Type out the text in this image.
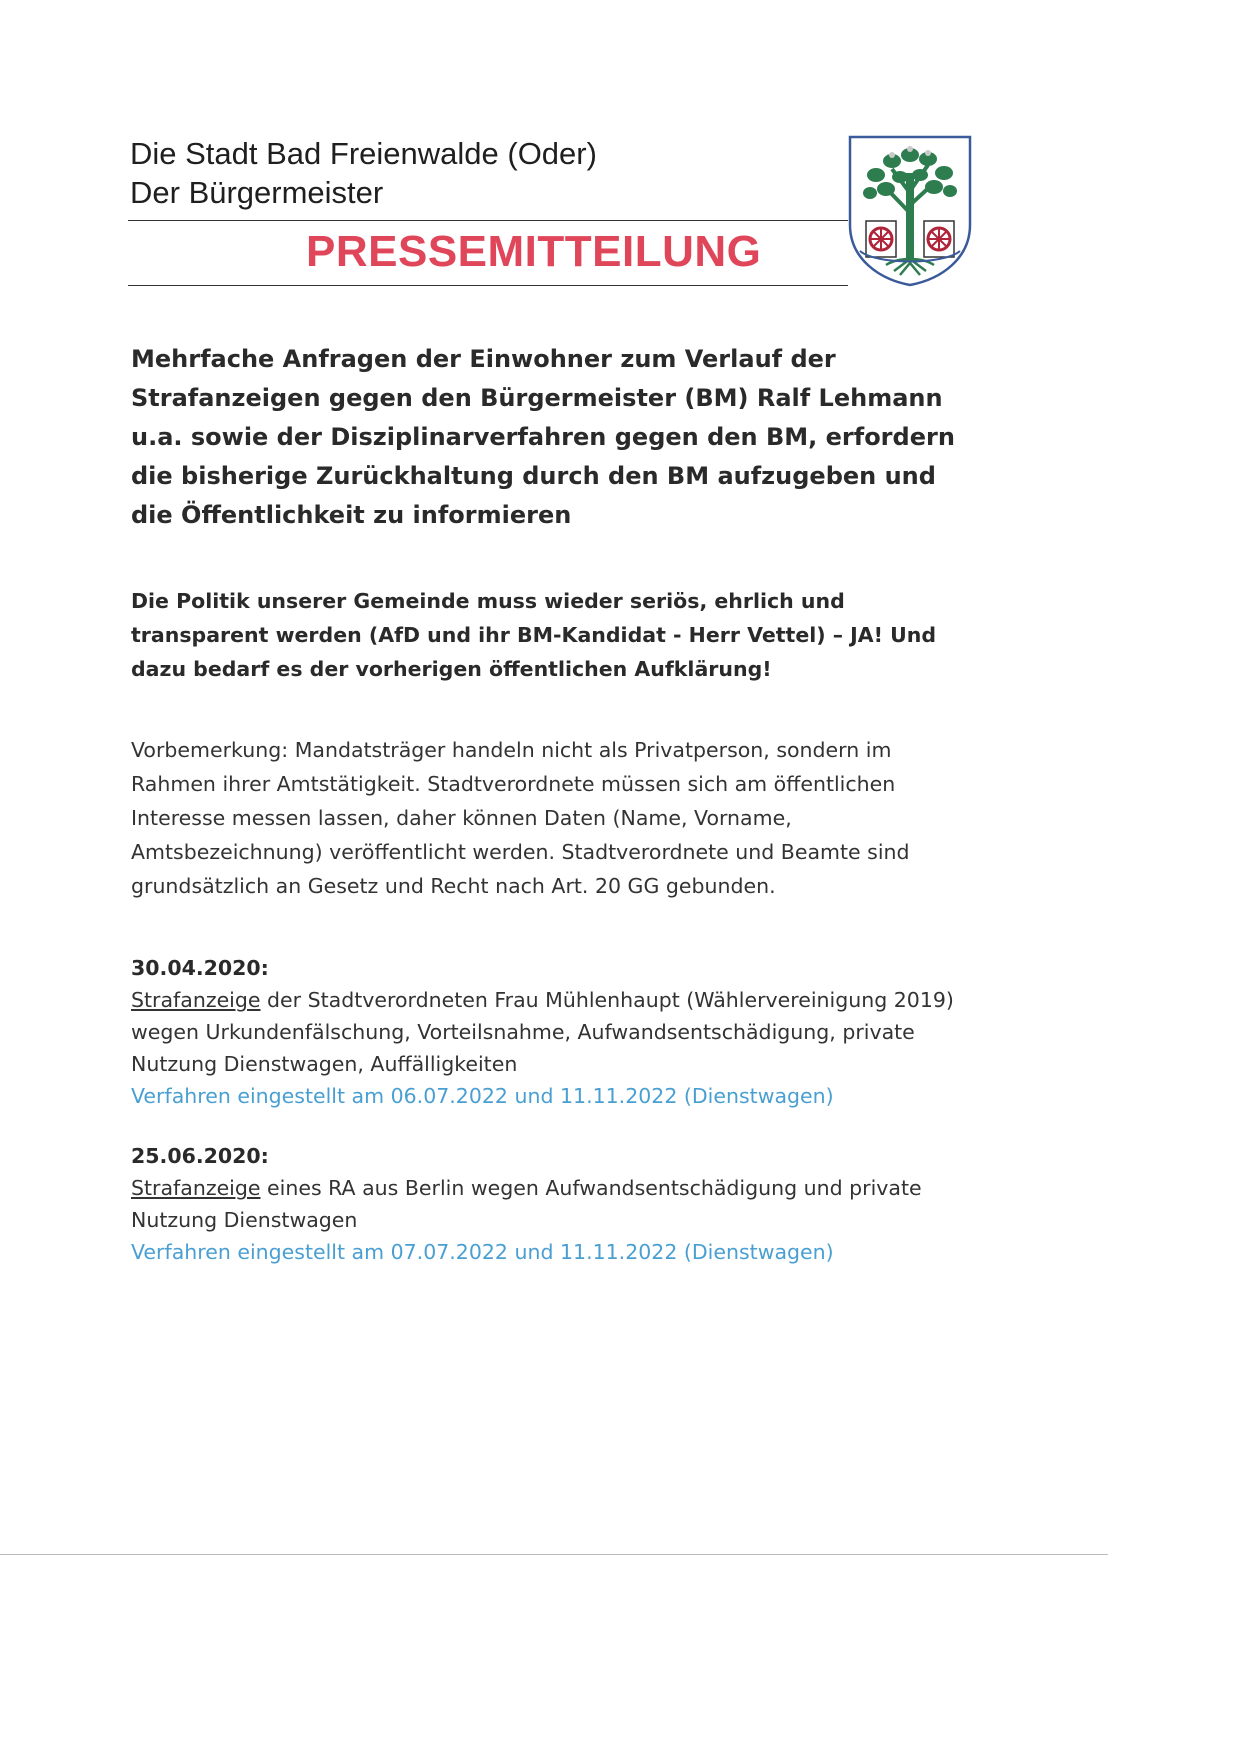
Die Stadt Bad Freienwalde (Oder)
Der Bürgermeister
PRESSEMITTEILUNG
Mehrfache Anfragen der Einwohner zum Verlauf der Strafanzeigen gegen den Bürgermeister (BM) Ralf Lehmann u.a. sowie der Disziplinarverfahren gegen den BM, erfordern die bisherige Zurückhaltung durch den BM aufzugeben und die Öffentlichkeit zu informieren
Die Politik unserer Gemeinde muss wieder seriös, ehrlich und transparent werden (AfD und ihr BM-Kandidat - Herr Vettel) – JA! Und dazu bedarf es der vorherigen öffentlichen Aufklärung!
Vorbemerkung: Mandatsträger handeln nicht als Privatperson, sondern im Rahmen ihrer Amtstätigkeit. Stadtverordnete müssen sich am öffentlichen Interesse messen lassen, daher können Daten (Name, Vorname, Amtsbezeichnung) veröffentlicht werden. Stadtverordnete und Beamte sind grundsätzlich an Gesetz und Recht nach Art. 20 GG gebunden.
30.04.2020:
Strafanzeige der Stadtverordneten Frau Mühlenhaupt (Wählervereinigung 2019) wegen Urkundenfälschung, Vorteilsnahme, Aufwandsentschädigung, private Nutzung Dienstwagen, Auffälligkeiten
Verfahren eingestellt am 06.07.2022 und 11.11.2022 (Dienstwagen)
25.06.2020:
Strafanzeige eines RA aus Berlin wegen Aufwandsentschädigung und private Nutzung Dienstwagen
Verfahren eingestellt am 07.07.2022 und 11.11.2022 (Dienstwagen)
